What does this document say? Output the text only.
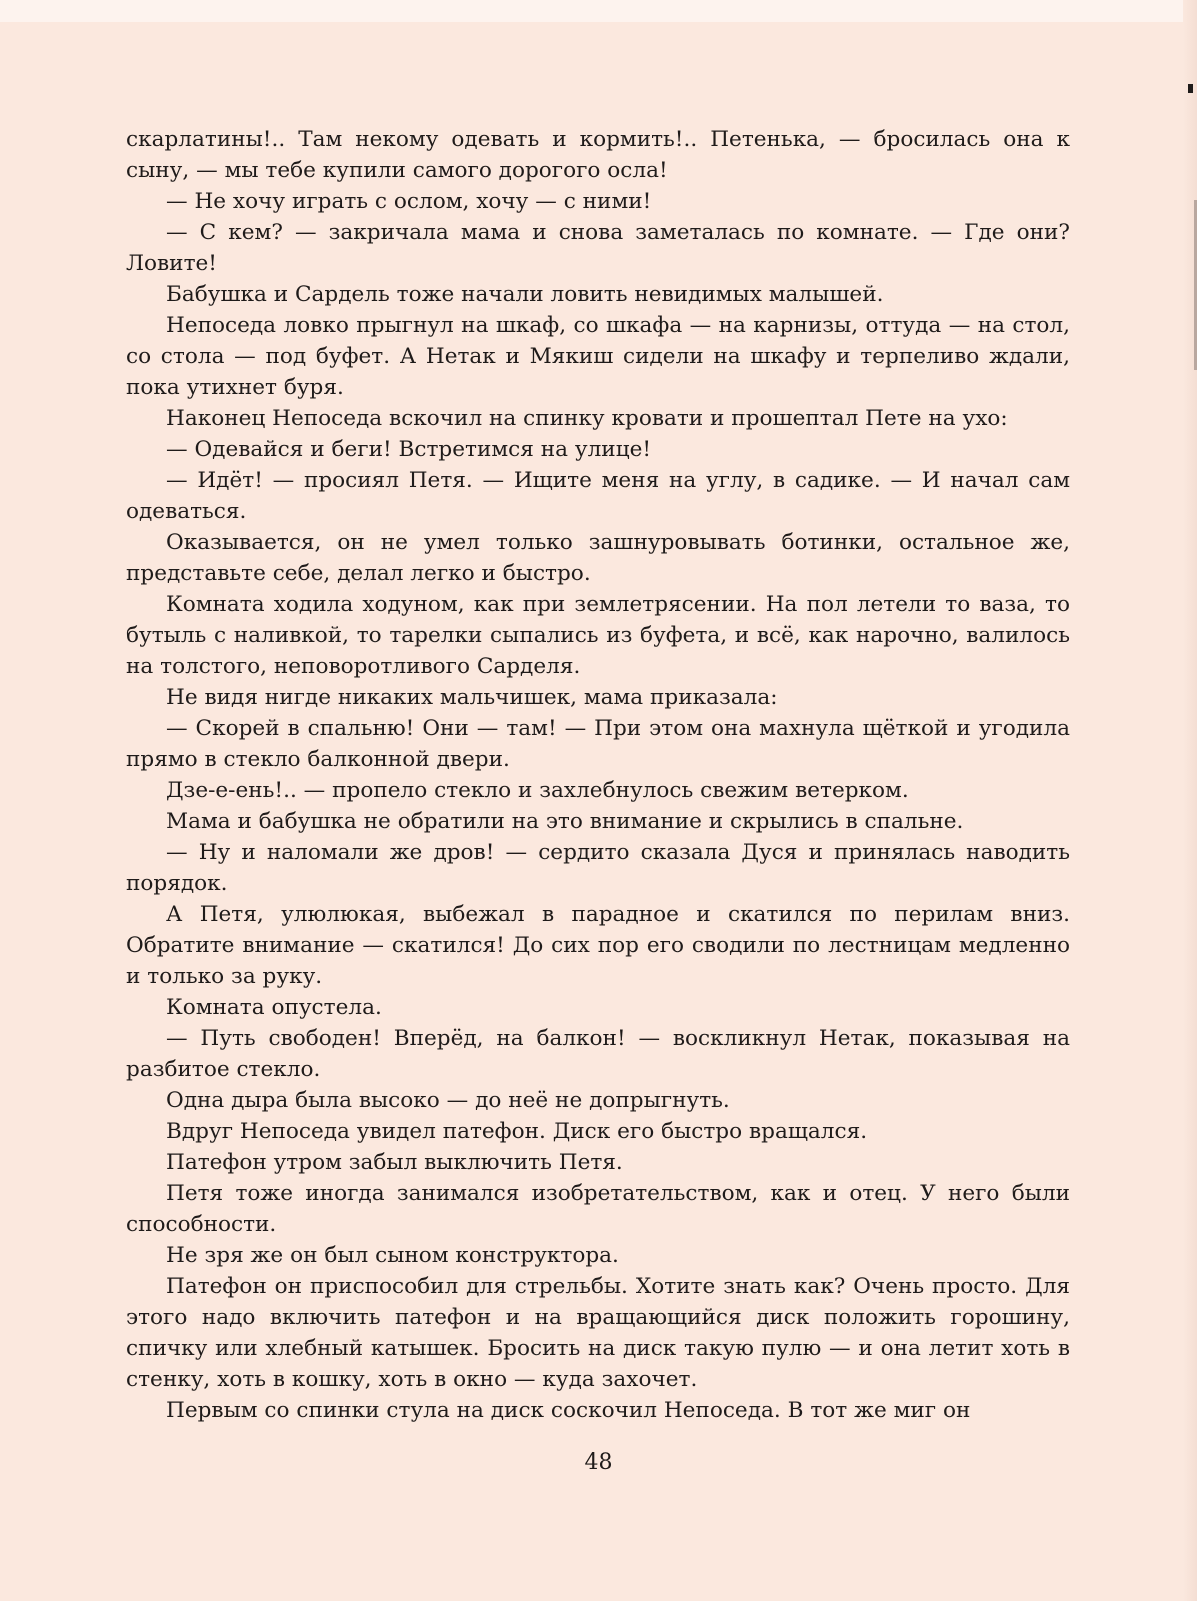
скарлатины!.. Там некому одевать и кормить!.. Петенька, — бросилась она к сыну, — мы тебе купили самого дорогого осла!

— Не хочу играть с ослом, хочу — с ними!

— С кем? — закричала мама и снова заметалась по комнате. — Где они? Ловите!

Бабушка и Сардель тоже начали ловить невидимых малышей.

Непоседа ловко прыгнул на шкаф, со шкафа — на карнизы, оттуда — на стол, со стола — под буфет. А Нетак и Мякиш сидели на шкафу и терпеливо ждали, пока утихнет буря.

Наконец Непоседа вскочил на спинку кровати и прошептал Пете на ухо:

— Одевайся и беги! Встретимся на улице!

— Идёт! — просиял Петя. — Ищите меня на углу, в садике. — И начал сам одеваться.

Оказывается, он не умел только зашнуровывать ботинки, остальное же, представьте себе, делал легко и быстро.

Комната ходила ходуном, как при землетрясении. На пол летели то ваза, то бутыль с наливкой, то тарелки сыпались из буфета, и всё, как нарочно, валилось на толстого, неповоротливого Сарделя.

Не видя нигде никаких мальчишек, мама приказала:

— Скорей в спальню! Они — там! — При этом она махнула щёткой и угодила прямо в стекло балконной двери.

Дзе-е-ень!.. — пропело стекло и захлебнулось свежим ветерком.

Мама и бабушка не обратили на это внимание и скрылись в спальне.

— Ну и наломали же дров! — сердито сказала Дуся и принялась наводить порядок.

А Петя, улюлюкая, выбежал в парадное и скатился по перилам вниз. Обратите внимание — скатился! До сих пор его сводили по лестницам медленно и только за руку.

Комната опустела.

— Путь свободен! Вперёд, на балкон! — воскликнул Нетак, показывая на разбитое стекло.

Одна дыра была высоко — до неё не допрыгнуть.

Вдруг Непоседа увидел патефон. Диск его быстро вращался.

Патефон утром забыл выключить Петя.

Петя тоже иногда занимался изобретательством, как и отец. У него были способности.

Не зря же он был сыном конструктора.

Патефон он приспособил для стрельбы. Хотите знать как? Очень просто. Для этого надо включить патефон и на вращающийся диск положить горошину, спичку или хлебный катышек. Бросить на диск такую пулю — и она летит хоть в стенку, хоть в кошку, хоть в окно — куда захочет.

Первым со спинки стула на диск соскочил Непоседа. В тот же миг он

48
